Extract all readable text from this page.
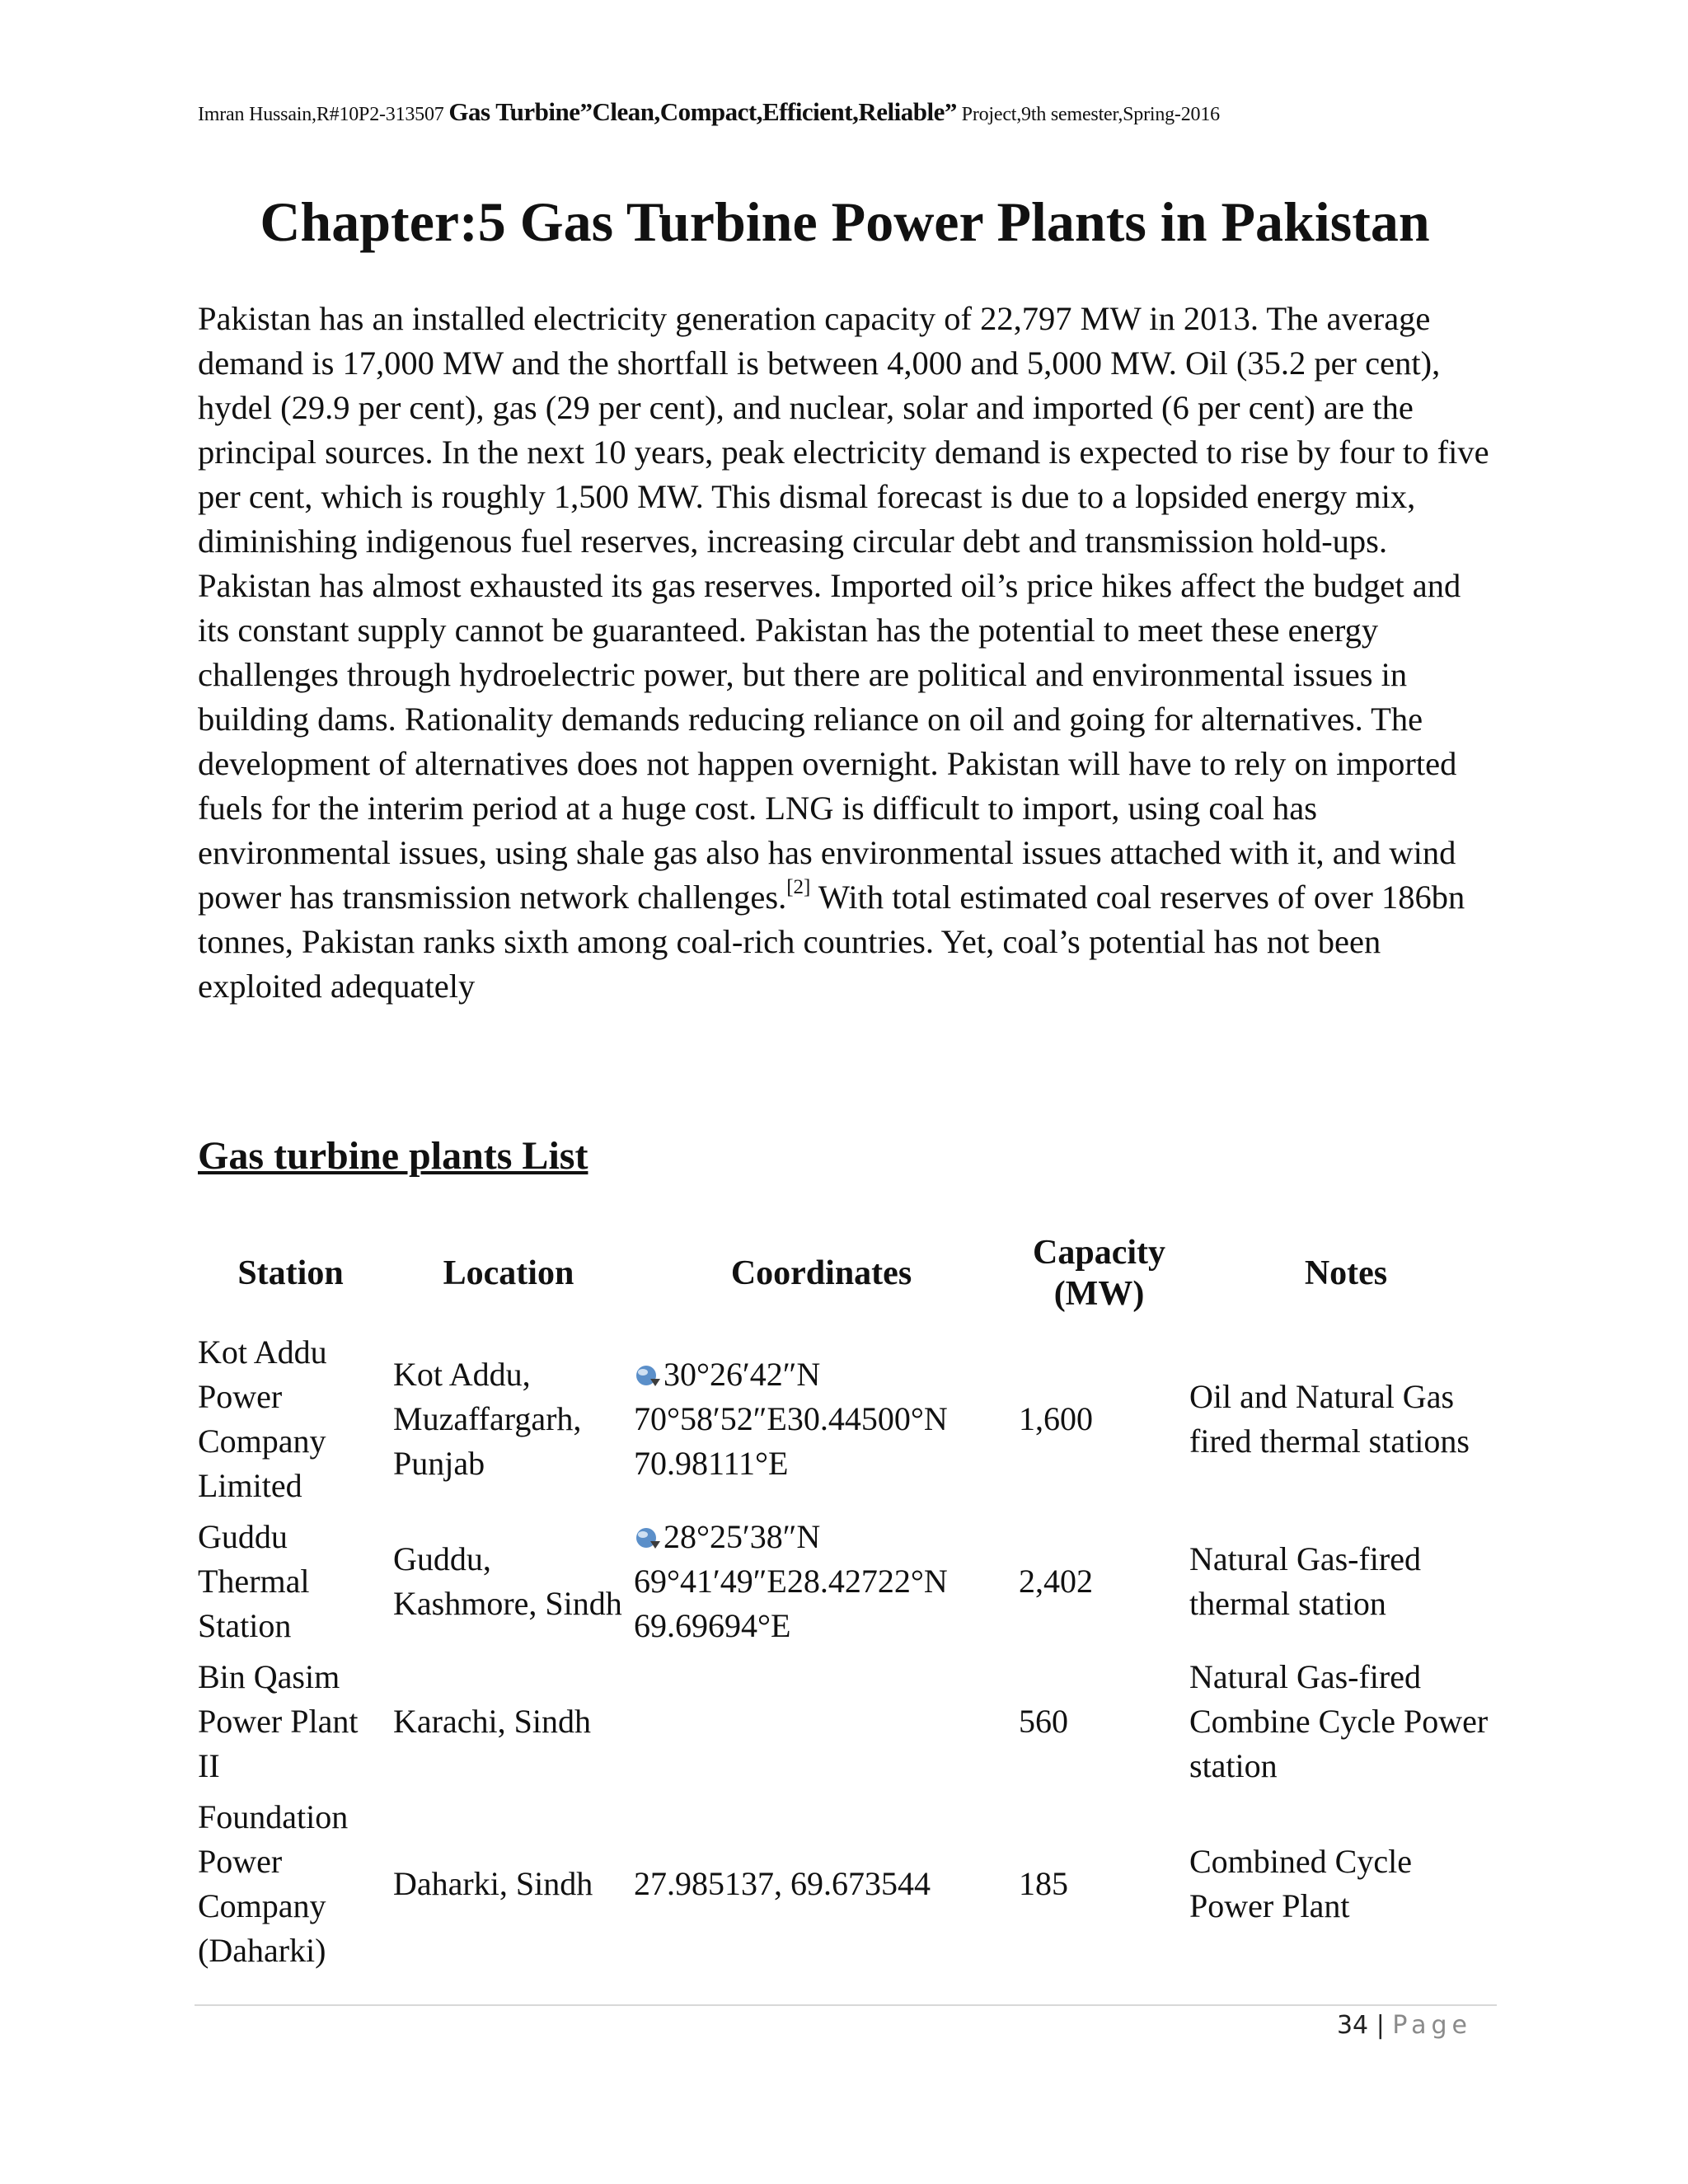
Imran Hussain,R#10P2-313507 Gas Turbine”Clean,Compact,Efficient,Reliable” Project,9th semester,Spring-2016
Chapter:5 Gas Turbine Power Plants in Pakistan

Pakistan has an installed electricity generation capacity of 22,797 MW in 2013. The average demand is 17,000 MW and the shortfall is between 4,000 and 5,000 MW. Oil (35.2 per cent), hydel (29.9 per cent), gas (29 per cent), and nuclear, solar and imported (6 per cent) are the principal sources. In the next 10 years, peak electricity demand is expected to rise by four to five per cent, which is roughly 1,500 MW. This dismal forecast is due to a lopsided energy mix, diminishing indigenous fuel reserves, increasing circular debt and transmission hold-ups. Pakistan has almost exhausted its gas reserves. Imported oil’s price hikes affect the budget and its constant supply cannot be guaranteed. Pakistan has the potential to meet these energy challenges through hydroelectric power, but there are political and environmental issues in building dams. Rationality demands reducing reliance on oil and going for alternatives. The development of alternatives does not happen overnight. Pakistan will have to rely on imported fuels for the interim period at a huge cost. LNG is difficult to import, using coal has environmental issues, using shale gas also has environmental issues attached with it, and wind power has transmission network challenges.[2] With total estimated coal reserves of over 186bn tonnes, Pakistan ranks sixth among coal-rich countries. Yet, coal’s potential has not been exploited adequately

Gas turbine plants List
Station	Location	Coordinates	Capacity (MW)	Notes
Kot Addu Power Company Limited	Kot Addu, Muzaffargarh, Punjab	30°26′42″N 70°58′52″E30.44500°N 70.98111°E	1,600	Oil and Natural Gas fired thermal stations
Guddu Thermal Station	Guddu, Kashmore, Sindh	28°25′38″N 69°41′49″E28.42722°N 69.69694°E	2,402	Natural Gas-fired thermal station
Bin Qasim Power Plant II	Karachi, Sindh		560	Natural Gas-fired Combine Cycle Power station
Foundation Power Company (Daharki)	Daharki, Sindh	27.985137, 69.673544	185	Combined Cycle Power Plant
34 | Page
